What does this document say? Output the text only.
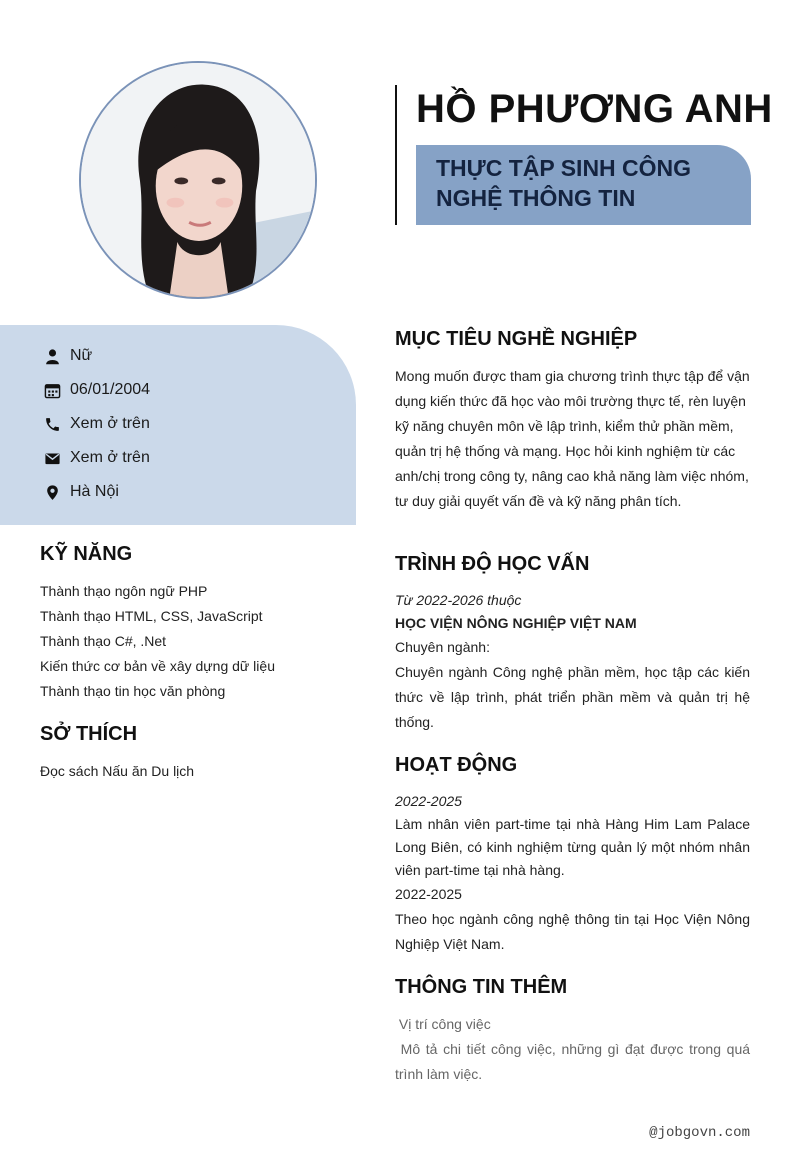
HỒ PHƯƠNG ANH
THỰC TẬP SINH CÔNG NGHỆ THÔNG TIN
Nữ
06/01/2004
Xem ở trên
Xem ở trên
Hà Nội
KỸ NĂNG
Thành thạo ngôn ngữ PHP
Thành thạo HTML, CSS, JavaScript
Thành thạo C#, .Net
Kiến thức cơ bản về xây dựng dữ liệu
Thành thạo tin học văn phòng
SỞ THÍCH
Đọc sách Nấu ăn Du lịch
MỤC TIÊU NGHỀ NGHIỆP
Mong muốn được tham gia chương trình thực tập để vận dụng kiến thức đã học vào môi trường thực tế, rèn luyện kỹ năng chuyên môn về lập trình, kiểm thử phần mềm, quản trị hệ thống và mạng. Học hỏi kinh nghiệm từ các anh/chị trong công ty, nâng cao khả năng làm việc nhóm, tư duy giải quyết vấn đề và kỹ năng phân tích.
TRÌNH ĐỘ HỌC VẤN
Từ 2022-2026 thuộc
HỌC VIỆN NÔNG NGHIỆP VIỆT NAM
Chuyên ngành:
Chuyên ngành Công nghệ phần mềm, học tập các kiến thức về lập trình, phát triển phần mềm và quản trị hệ thống.
HOẠT ĐỘNG
2022-2025
Làm nhân viên part-time tại nhà Hàng Him Lam Palace Long Biên, có kinh nghiệm từng quản lý một nhóm nhân viên part-time tại nhà hàng.
2022-2025
Theo học ngành công nghệ thông tin tại Học Viện Nông Nghiệp Việt Nam.
THÔNG TIN THÊM
Vị trí công việc
Mô tả chi tiết công việc, những gì đạt được trong quá trình làm việc.
@jobgovn.com
